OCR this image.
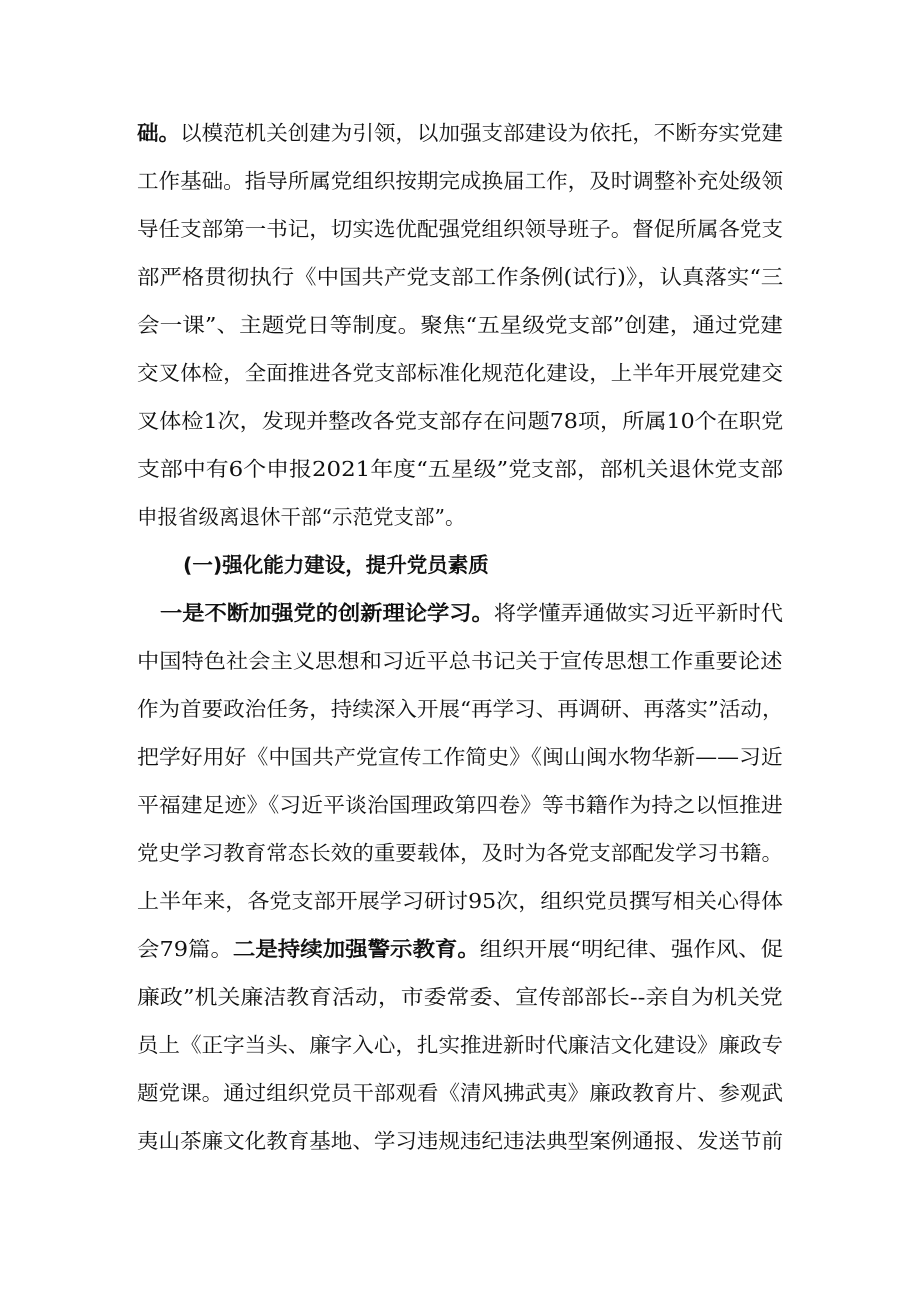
础。以模范机关创建为引领，以加强支部建设为依托，不断夯实党建
工作基础。指导所属党组织按期完成换届工作，及时调整补充处级领
导任支部第一书记，切实选优配强党组织领导班子。督促所属各党支
部严格贯彻执行《中国共产党支部工作条例(试行)》，认真落实“三
会一课”、主题党日等制度。聚焦“五星级党支部”创建，通过党建
交叉体检，全面推进各党支部标准化规范化建设，上半年开展党建交
叉体检1次，发现并整改各党支部存在问题78项，所属10个在职党
支部中有6个申报2021年度“五星级”党支部，部机关退休党支部
申报省级离退休干部“示范党支部”。
(一)强化能力建设，提升党员素质
一是不断加强党的创新理论学习。将学懂弄通做实习近平新时代
中国特色社会主义思想和习近平总书记关于宣传思想工作重要论述
作为首要政治任务，持续深入开展“再学习、再调研、再落实”活动，
把学好用好《中国共产党宣传工作简史》《闽山闽水物华新——习近
平福建足迹》《习近平谈治国理政第四卷》等书籍作为持之以恒推进
党史学习教育常态长效的重要载体，及时为各党支部配发学习书籍。
上半年来，各党支部开展学习研讨95次，组织党员撰写相关心得体
会79篇。二是持续加强警示教育。组织开展“明纪律、强作风、促
廉政”机关廉洁教育活动，市委常委、宣传部部长--亲自为机关党
员上《正字当头、廉字入心，扎实推进新时代廉洁文化建设》廉政专
题党课。通过组织党员干部观看《清风拂武夷》廉政教育片、参观武
夷山茶廉文化教育基地、学习违规违纪违法典型案例通报、发送节前
